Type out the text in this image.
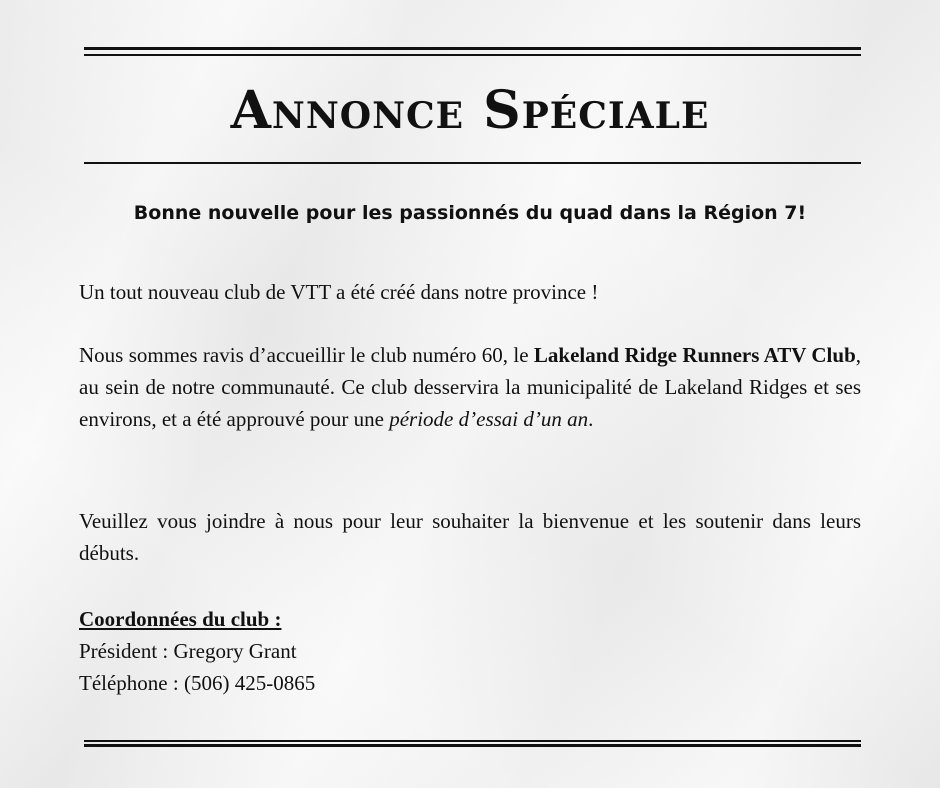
Annonce Spéciale
Bonne nouvelle pour les passionnés du quad dans la Région 7!
Un tout nouveau club de VTT a été créé dans notre province !
Nous sommes ravis d’accueillir le club numéro 60, le Lakeland Ridge Runners ATV Club, au sein de notre communauté. Ce club desservira la municipalité de Lakeland Ridges et ses environs, et a été approuvé pour une période d’essai d’un an.
Veuillez vous joindre à nous pour leur souhaiter la bienvenue et les soutenir dans leurs débuts.
Coordonnées du club :
Président : Gregory Grant
Téléphone : (506) 425-0865
